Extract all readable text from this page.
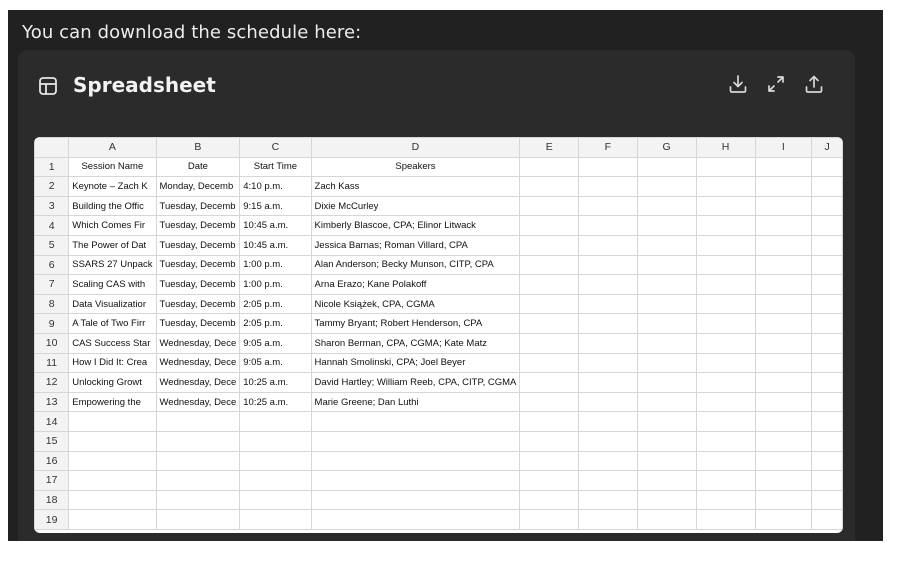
You can download the schedule here:
Spreadsheet
	A	B	C	D	E	F	G	H	I	J
1	Session Name	Date	Start Time	Speakers						
2	Keynote – Zach K	Monday, Decemb	4:10 p.m.	Zach Kass						
3	Building the Offic	Tuesday, Decemb	9:15 a.m.	Dixie McCurley						
4	Which Comes Fir	Tuesday, Decemb	10:45 a.m.	Kimberly Blascoe, CPA; Elinor Litwack						
5	The Power of Dat	Tuesday, Decemb	10:45 a.m.	Jessica Barnas; Roman Villard, CPA						
6	SSARS 27 Unpack	Tuesday, Decemb	1:00 p.m.	Alan Anderson; Becky Munson, CITP, CPA						
7	Scaling CAS with	Tuesday, Decemb	1:00 p.m.	Arna Erazo; Kane Polakoff						
8	Data Visualizatior	Tuesday, Decemb	2:05 p.m.	Nicole Książek, CPA, CGMA						
9	A Tale of Two Firr	Tuesday, Decemb	2:05 p.m.	Tammy Bryant; Robert Henderson, CPA						
10	CAS Success Star	Wednesday, Dece	9:05 a.m.	Sharon Berman, CPA, CGMA; Kate Matz						
11	How I Did It: Crea	Wednesday, Dece	9:05 a.m.	Hannah Smolinski, CPA; Joel Beyer						
12	Unlocking Growt	Wednesday, Dece	10:25 a.m.	David Hartley; William Reeb, CPA, CITP, CGMA						
13	Empowering the	Wednesday, Dece	10:25 a.m.	Marie Greene; Dan Luthi						
14										
15										
16										
17										
18										
19										
